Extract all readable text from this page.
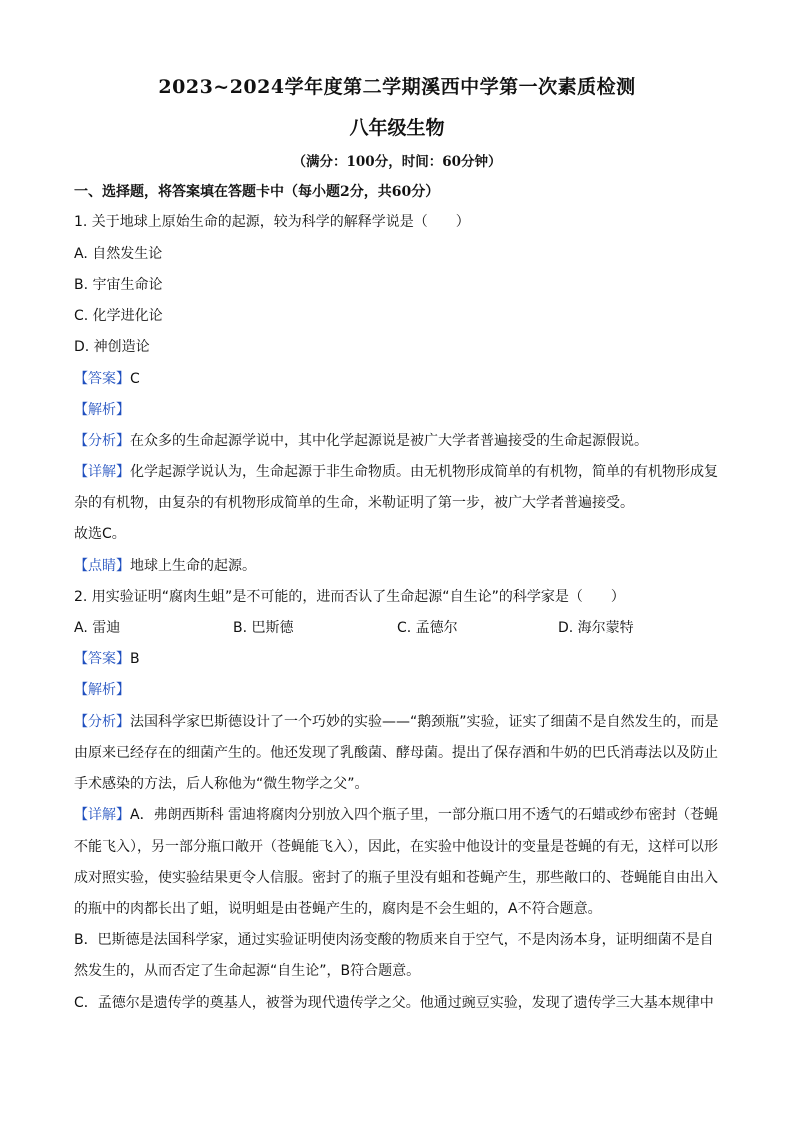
2023~2024学年度第二学期溪西中学第一次素质检测
八年级生物
（满分：100分，时间：60分钟）
一、选择题，将答案填在答题卡中（每小题2分，共60分）
1. 关于地球上原始生命的起源，较为科学的解释学说是（　　）
A. 自然发生论
B. 宇宙生命论
C. 化学进化论
D. 神创造论
【答案】C
【解析】
【分析】在众多的生命起源学说中，其中化学起源说是被广大学者普遍接受的生命起源假说。
【详解】化学起源学说认为，生命起源于非生命物质。由无机物形成简单的有机物，简单的有机物形成复
杂的有机物，由复杂的有机物形成简单的生命，米勒证明了第一步，被广大学者普遍接受。
故选C。
【点睛】地球上生命的起源。
2. 用实验证明“腐肉生蛆”是不可能的，进而否认了生命起源“自生论”的科学家是（　　）
A. 雷迪	B. 巴斯德	C. 孟德尔	D. 海尔蒙特
【答案】B
【解析】
【分析】法国科学家巴斯德设计了一个巧妙的实验——“鹅颈瓶”实验，证实了细菌不是自然发生的，而是
由原来已经存在的细菌产生的。他还发现了乳酸菌、酵母菌。提出了保存酒和牛奶的巴氏消毒法以及防止
手术感染的方法，后人称他为“微生物学之父”。
【详解】A．弗朗西斯科 雷迪将腐肉分别放入四个瓶子里，一部分瓶口用不透气的石蜡或纱布密封（苍蝇
不能飞入），另一部分瓶口敞开（苍蝇能飞入），因此，在实验中他设计的变量是苍蝇的有无，这样可以形
成对照实验，使实验结果更令人信服。密封了的瓶子里没有蛆和苍蝇产生，那些敞口的、苍蝇能自由出入
的瓶中的肉都长出了蛆，说明蛆是由苍蝇产生的，腐肉是不会生蛆的，A不符合题意。
B．巴斯德是法国科学家，通过实验证明使肉汤变酸的物质来自于空气，不是肉汤本身，证明细菌不是自
然发生的，从而否定了生命起源“自生论”，B符合题意。
C．孟德尔是遗传学的奠基人，被誉为现代遗传学之父。他通过豌豆实验，发现了遗传学三大基本规律中
